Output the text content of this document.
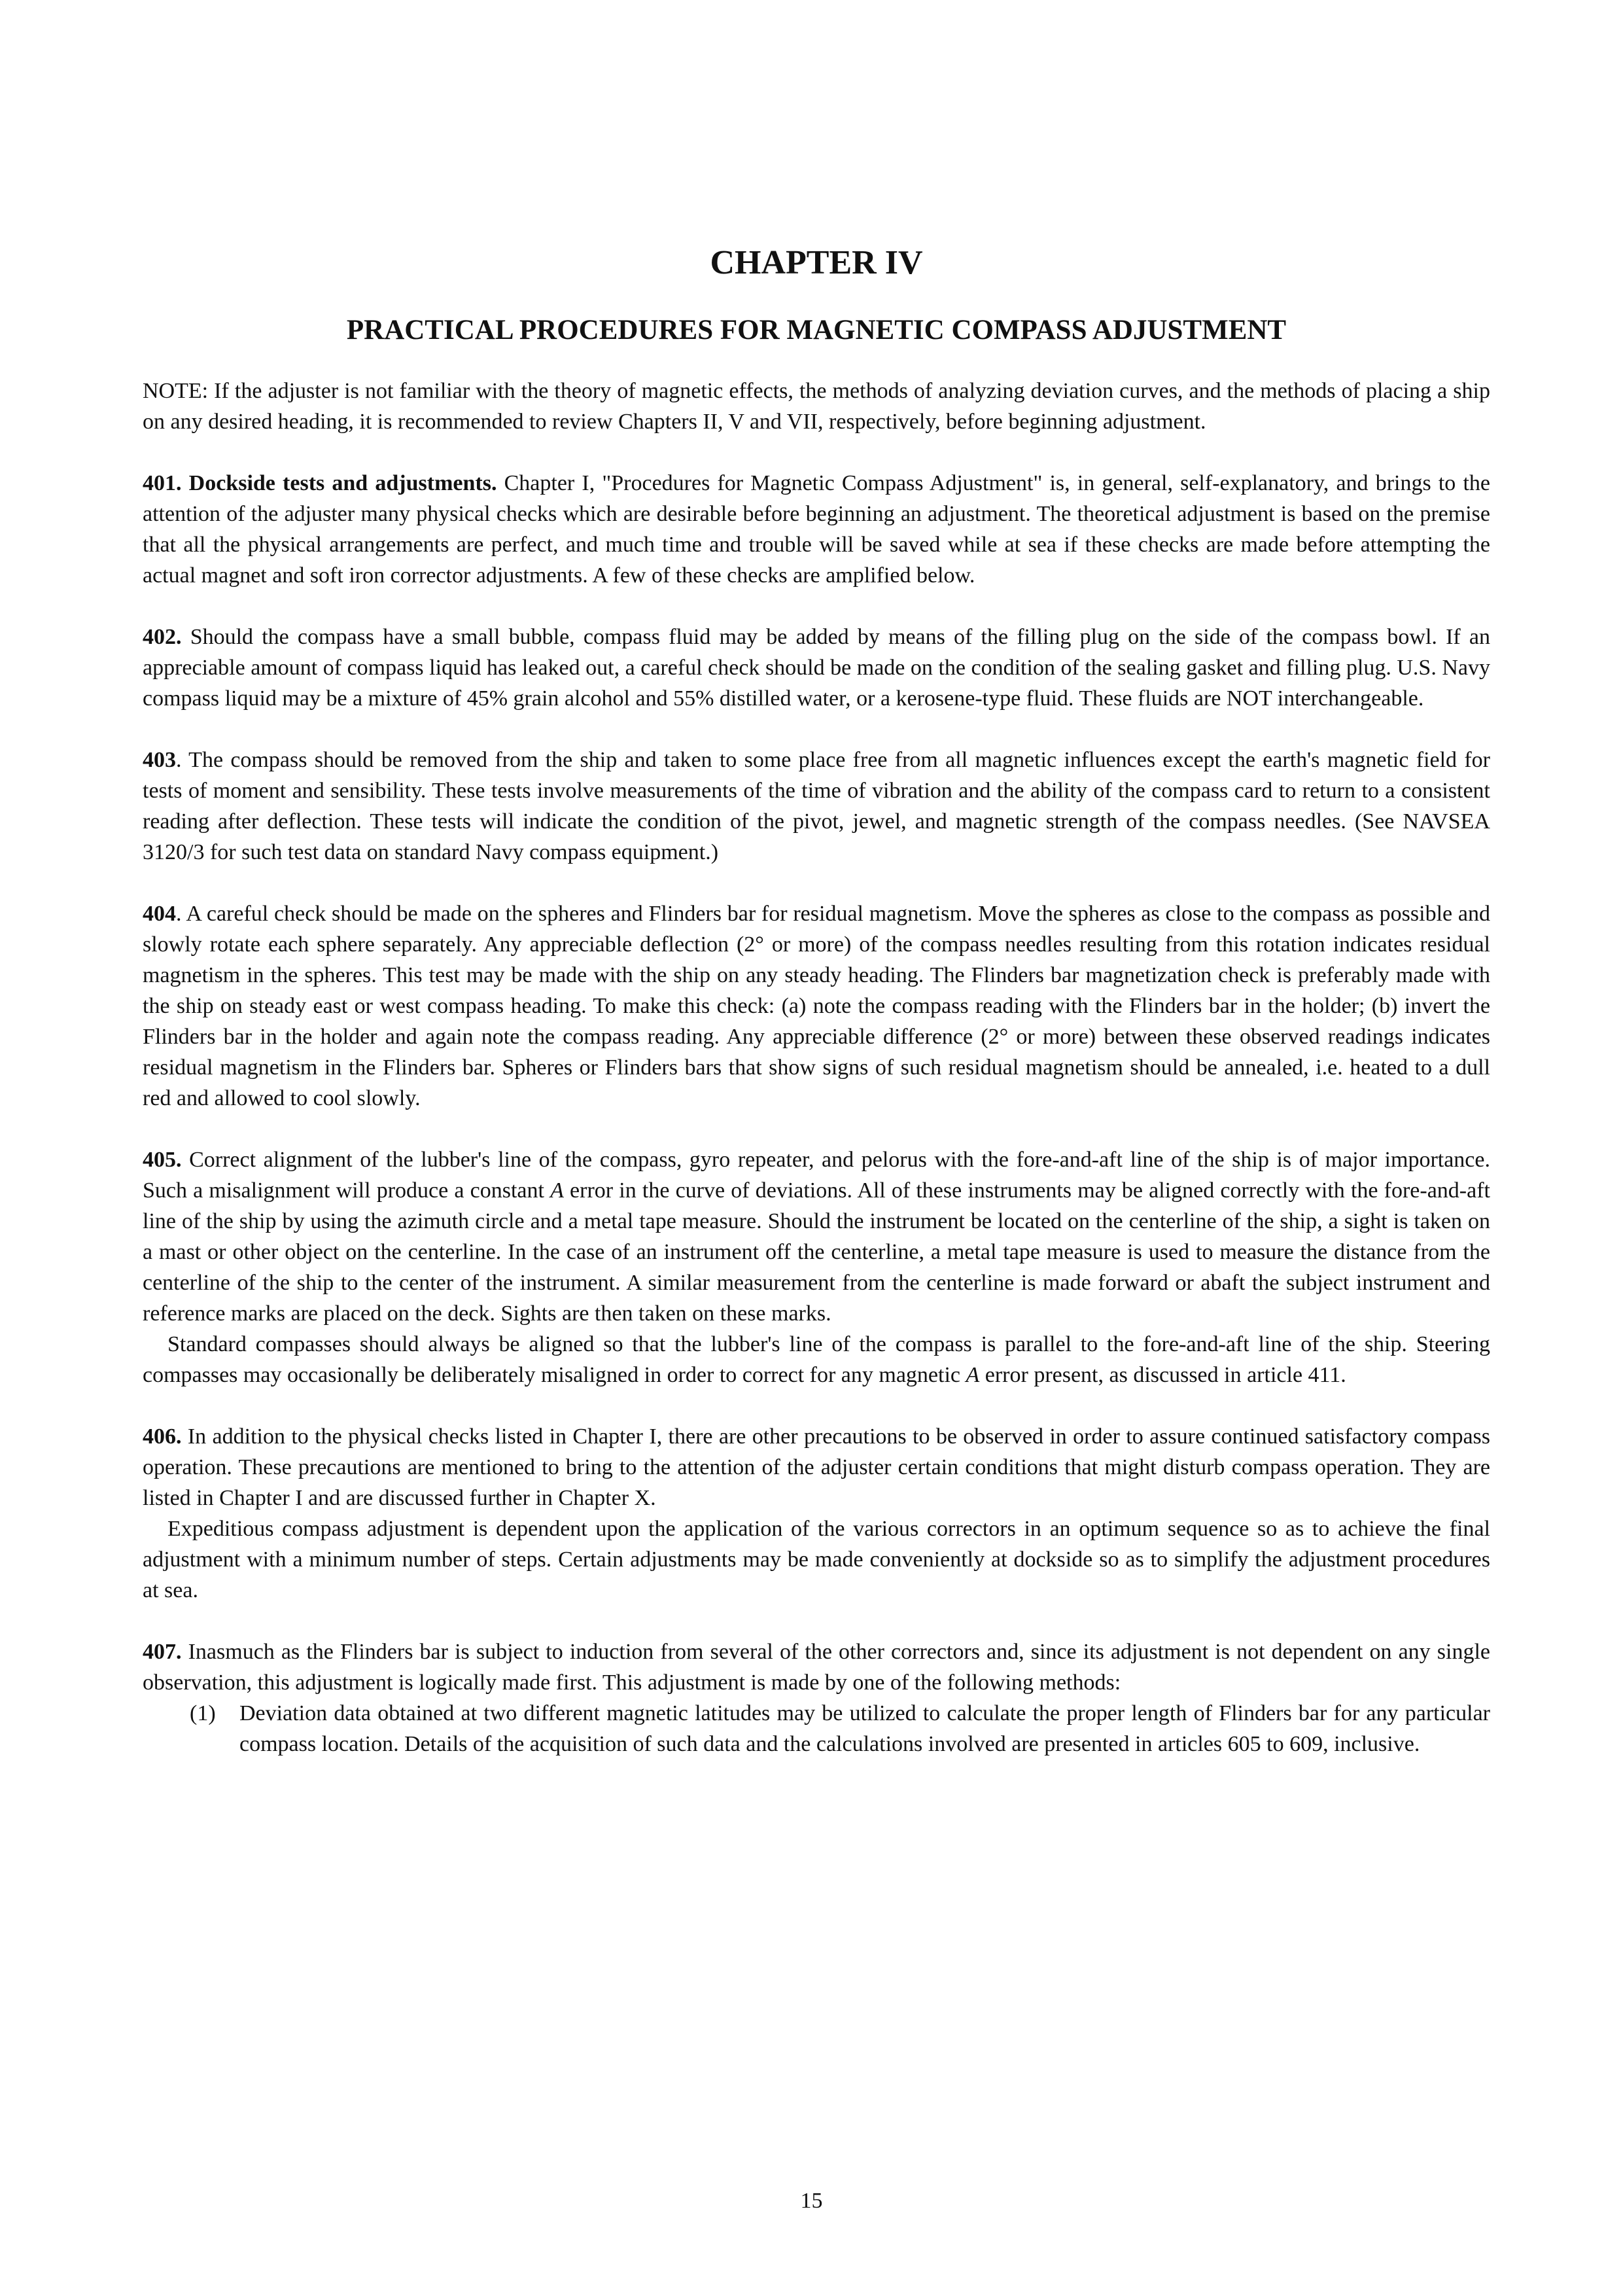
CHAPTER IV
PRACTICAL PROCEDURES FOR MAGNETIC COMPASS ADJUSTMENT

NOTE: If the adjuster is not familiar with the theory of magnetic effects, the methods of analyzing deviation curves, and the methods of placing a ship on any desired heading, it is recommended to review Chapters II, V and VII, respectively, before beginning adjustment.

401. Dockside tests and adjustments. Chapter I, "Procedures for Magnetic Compass Adjustment" is, in general, self-explanatory, and brings to the attention of the adjuster many physical checks which are desirable before beginning an adjustment. The theoretical adjustment is based on the premise that all the physical arrangements are perfect, and much time and trouble will be saved while at sea if these checks are made before attempting the actual magnet and soft iron corrector adjustments. A few of these checks are amplified below.

402. Should the compass have a small bubble, compass fluid may be added by means of the filling plug on the side of the compass bowl. If an appreciable amount of compass liquid has leaked out, a careful check should be made on the condition of the sealing gasket and filling plug. U.S. Navy compass liquid may be a mixture of 45% grain alcohol and 55% distilled water, or a kerosene-type fluid. These fluids are NOT interchangeable.

403. The compass should be removed from the ship and taken to some place free from all magnetic influences except the earth's magnetic field for tests of moment and sensibility. These tests involve measurements of the time of vibration and the ability of the compass card to return to a consistent reading after deflection. These tests will indicate the condition of the pivot, jewel, and magnetic strength of the compass needles. (See NAVSEA 3120/3 for such test data on standard Navy compass equipment.)

404. A careful check should be made on the spheres and Flinders bar for residual magnetism. Move the spheres as close to the compass as possible and slowly rotate each sphere separately. Any appreciable deflection (2° or more) of the compass needles resulting from this rotation indicates residual magnetism in the spheres. This test may be made with the ship on any steady heading. The Flinders bar magnetization check is preferably made with the ship on steady east or west compass heading. To make this check: (a) note the compass reading with the Flinders bar in the holder; (b) invert the Flinders bar in the holder and again note the compass reading. Any appreciable difference (2° or more) between these observed readings indicates residual magnetism in the Flinders bar. Spheres or Flinders bars that show signs of such residual magnetism should be annealed, i.e. heated to a dull red and allowed to cool slowly.

405. Correct alignment of the lubber's line of the compass, gyro repeater, and pelorus with the fore-and-aft line of the ship is of major importance. Such a misalignment will produce a constant A error in the curve of deviations. All of these instruments may be aligned correctly with the fore-and-aft line of the ship by using the azimuth circle and a metal tape measure. Should the instrument be located on the centerline of the ship, a sight is taken on a mast or other object on the centerline. In the case of an instrument off the centerline, a metal tape measure is used to measure the distance from the centerline of the ship to the center of the instrument. A similar measurement from the centerline is made forward or abaft the subject instrument and reference marks are placed on the deck. Sights are then taken on these marks.

Standard compasses should always be aligned so that the lubber's line of the compass is parallel to the fore-and-aft line of the ship. Steering compasses may occasionally be deliberately misaligned in order to correct for any magnetic A error present, as discussed in article 411.

406. In addition to the physical checks listed in Chapter I, there are other precautions to be observed in order to assure continued satisfactory compass operation. These precautions are mentioned to bring to the attention of the adjuster certain conditions that might disturb compass operation. They are listed in Chapter I and are discussed further in Chapter X.

Expeditious compass adjustment is dependent upon the application of the various correctors in an optimum sequence so as to achieve the final adjustment with a minimum number of steps. Certain adjustments may be made conveniently at dockside so as to simplify the adjustment procedures at sea.

407. Inasmuch as the Flinders bar is subject to induction from several of the other correctors and, since its adjustment is not dependent on any single observation, this adjustment is logically made first. This adjustment is made by one of the following methods:

(1) Deviation data obtained at two different magnetic latitudes may be utilized to calculate the proper length of Flinders bar for any particular compass location. Details of the acquisition of such data and the calculations involved are presented in articles 605 to 609, inclusive.
15
